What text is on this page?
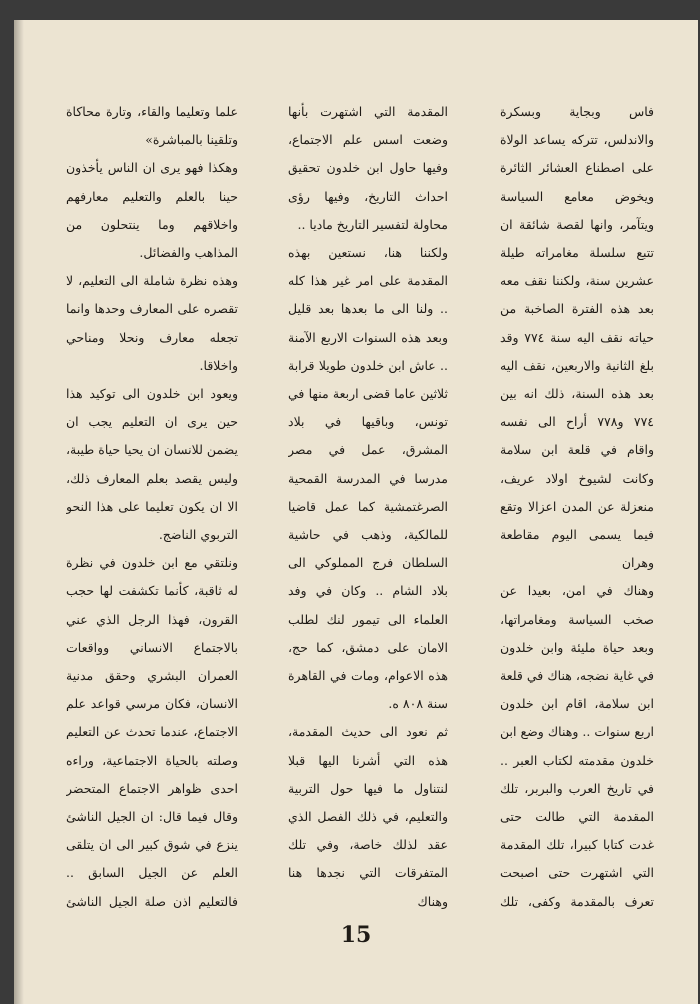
فاس وبجاية وبسكرة والاندلس، تتركه يساعد الولاة على اصطناع العشائر الثائرة ويخوض معامع السياسة ويتآمر، وانها لقصة شائقة ان تتبع سلسلة مغامراته طيلة عشرين سنة، ولكننا نقف معه بعد هذه الفترة الصاخبة من حياته نقف اليه سنة ٧٧٤ وقد بلغ الثانية والاربعين، نقف اليه بعد هذه السنة، ذلك انه بين ٧٧٤ و٧٧٨ أراح الى نفسه واقام في قلعة ابن سلامة وكانت لشيوخ اولاد عريف، منعزلة عن المدن اعزالا وتقع فيما يسمى اليوم مقاطعة وهران

وهناك في امن، بعيدا عن صخب السياسة ومغامراتها، وبعد حياة مليئة وابن خلدون في غاية نضجه، هناك في قلعة ابن سلامة، اقام ابن خلدون اربع سنوات .. وهناك وضع ابن خلدون مقدمته لكتاب العبر .. في تاريخ العرب والبربر، تلك المقدمة التي طالت حتى غدت كتابا كبيرا، تلك المقدمة التي اشتهرت حتى اصبحت تعرف بالمقدمة وكفى، تلك

المقدمة التي اشتهرت بأنها وضعت اسس علم الاجتماع، وفيها حاول ابن خلدون تحقيق احداث التاريخ، وفيها رؤى محاولة لتفسير التاريخ ماديا ..

ولكننا هنا، نستعين بهذه المقدمة على امر غير هذا كله .. ولنا الى ما بعدها بعد قليل وبعد هذه السنوات الاربع الآمنة .. عاش ابن خلدون طويلا قرابة ثلاثين عاما قضى اربعة منها في تونس، وباقيها في بلاد المشرق، عمل في مصر مدرسا في المدرسة القمحية الصرغتمشية كما عمل قاضيا للمالكية، وذهب في حاشية السلطان فرج المملوكي الى بلاد الشام .. وكان في وفد العلماء الى تيمور لنك لطلب الامان على دمشق، كما حج، هذه الاعوام، ومات في القاهرة سنة ٨٠٨ ه.

ثم نعود الى حديث المقدمة، هذه التي أشرنا اليها قبلا لنتناول ما فيها حول التربية والتعليم، في ذلك الفصل الذي عقد لذلك خاصة، وفي تلك المتفرقات التي نجدها هنا وهناك

علما وتعليما والقاء، وتارة محاكاة وتلقينا بالمباشرة»

وهكذا فهو يرى ان الناس يأخذون حينا بالعلم والتعليم معارفهم واخلاقهم وما ينتحلون من المذاهب والفضائل.

وهذه نظرة شاملة الى التعليم، لا تقصره على المعارف وحدها وانما تجعله معارف ونحلا ومناحي واخلاقا.

ويعود ابن خلدون الى توكيد هذا حين يرى ان التعليم يجب ان يضمن للانسان ان يحيا حياة طيبة، وليس يقصد بعلم المعارف ذلك، الا ان يكون تعليما على هذا النحو التربوي الناضج.

ونلتقي مع ابن خلدون في نظرة له ثاقبة، كأنما تكشفت لها حجب القرون، فهذا الرجل الذي عني بالاجتماع الانساني وواقعات العمران البشري وحقق مدنية الانسان، فكان مرسي قواعد علم الاجتماع، عندما تحدث عن التعليم وصلته بالحياة الاجتماعية، وراءه احدى ظواهر الاجتماع المتحضر وقال فيما قال: ان الجيل الناشئ ينزع في شوق كبير الى ان يتلقى العلم عن الجيل السابق .. فالتعليم اذن صلة الجيل الناشئ

15
